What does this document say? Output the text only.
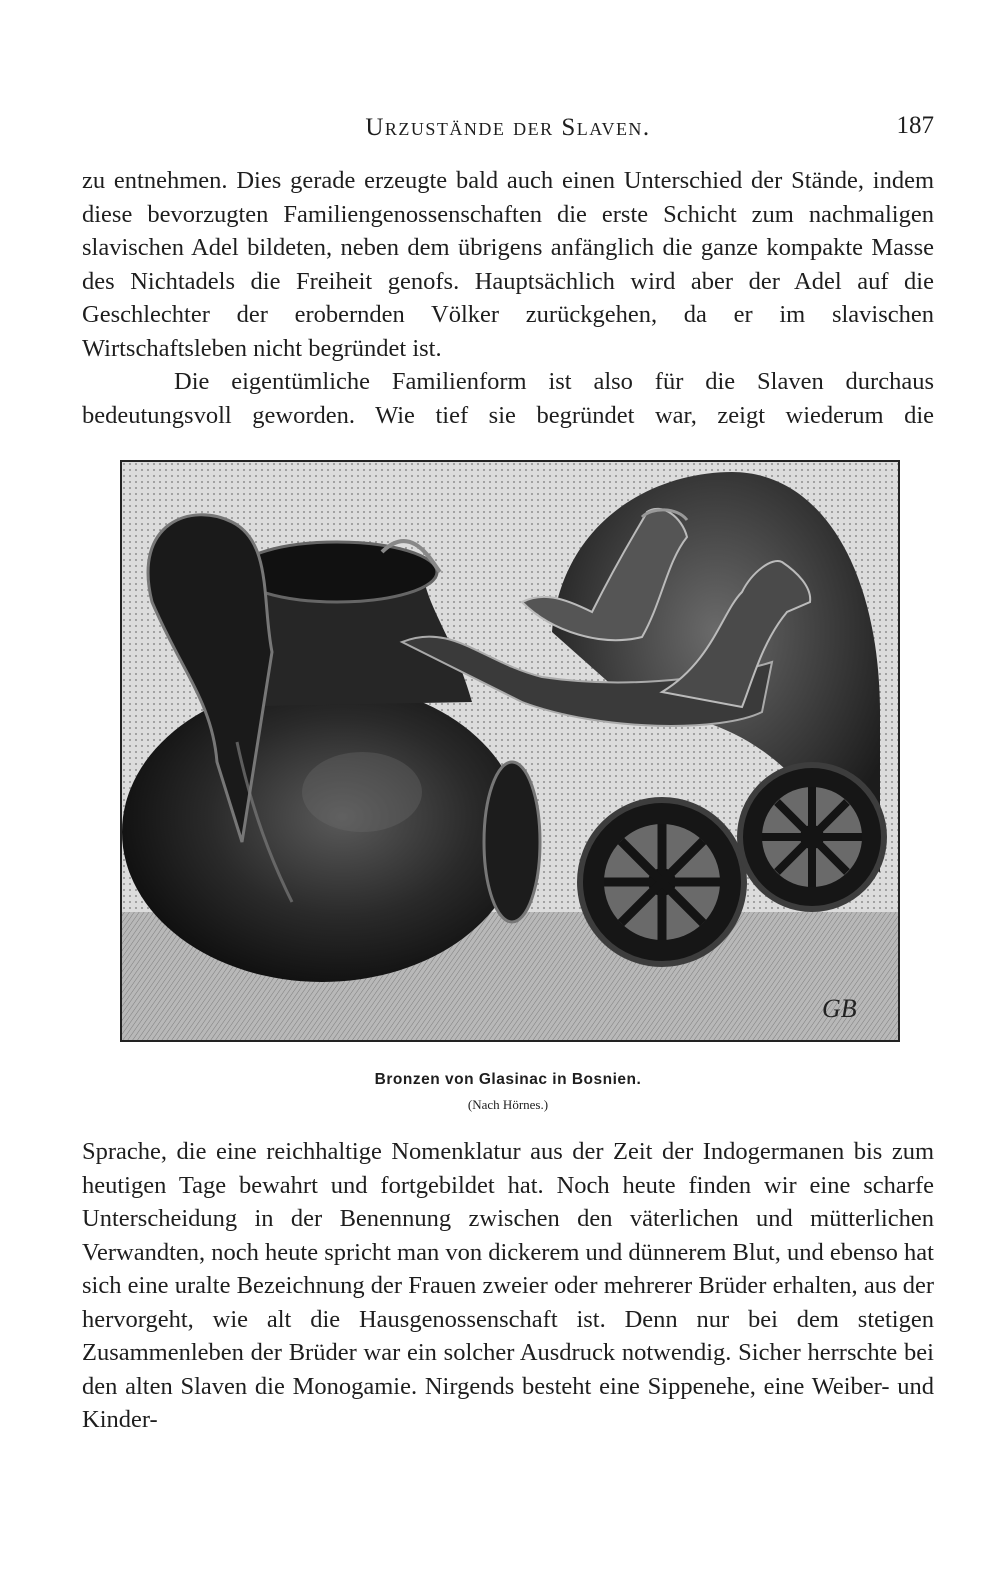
Urzustände der Slaven.	187

zu entnehmen. Dies gerade erzeugte bald auch einen Unterschied der Stände, indem diese bevorzugten Familiengenossenschaften die erste Schicht zum nachmaligen slavischen Adel bildeten, neben dem übrigens anfänglich die ganze kompakte Masse des Nichtadels die Freiheit genofs. Hauptsächlich wird aber der Adel auf die Geschlechter der erobernden Völker zurückgehen, da er im slavischen Wirtschaftsleben nicht begründet ist.

Die eigentümliche Familienform ist also für die Slaven durchaus bedeutungsvoll geworden. Wie tief sie begründet war, zeigt wiederum die

GB
Bronzen von Glasinac in Bosnien.
(Nach Hörnes.)

Sprache, die eine reichhaltige Nomenklatur aus der Zeit der Indogermanen bis zum heutigen Tage bewahrt und fortgebildet hat. Noch heute finden wir eine scharfe Unterscheidung in der Benennung zwischen den väterlichen und mütterlichen Verwandten, noch heute spricht man von dickerem und dünnerem Blut, und ebenso hat sich eine uralte Bezeichnung der Frauen zweier oder mehrerer Brüder erhalten, aus der hervorgeht, wie alt die Hausgenossenschaft ist. Denn nur bei dem stetigen Zusammenleben der Brüder war ein solcher Ausdruck notwendig. Sicher herrschte bei den alten Slaven die Monogamie. Nirgends besteht eine Sippenehe, eine Weiber- und Kinder-
